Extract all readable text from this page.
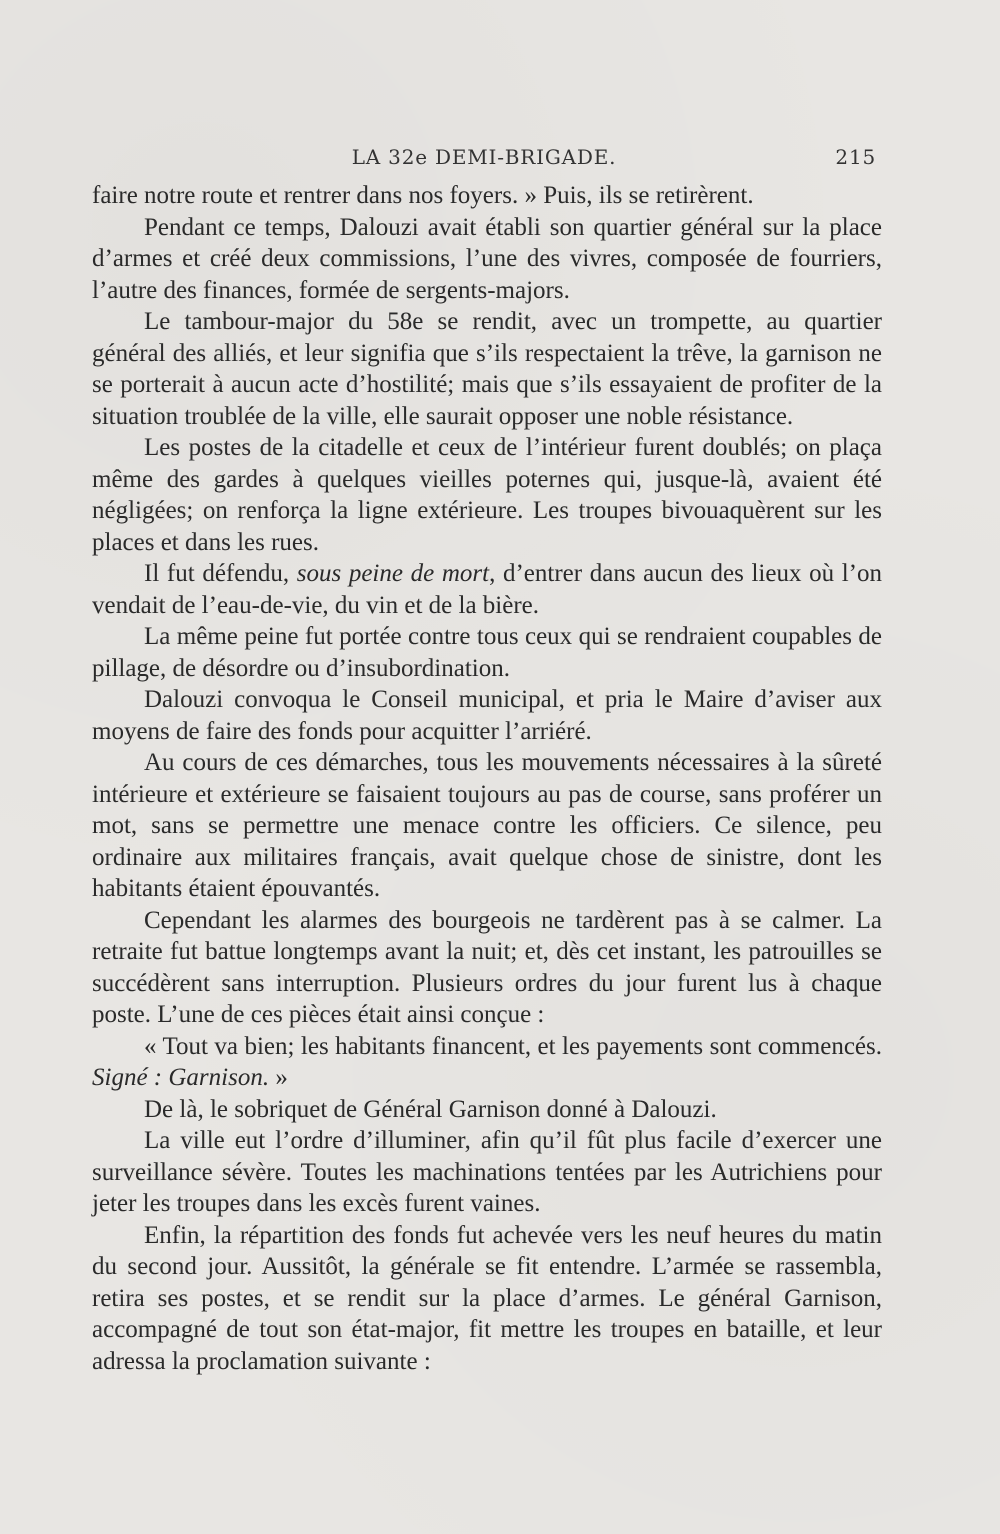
LA 32e DEMI-BRIGADE.	215

faire notre route et rentrer dans nos foyers. » Puis, ils se retirèrent.

Pendant ce temps, Dalouzi avait établi son quartier général sur la place d’armes et créé deux commissions, l’une des vivres, composée de fourriers, l’autre des finances, formée de sergents-majors.

Le tambour-major du 58e se rendit, avec un trompette, au quartier général des alliés, et leur signifia que s’ils respectaient la trêve, la garnison ne se porterait à aucun acte d’hostilité; mais que s’ils essayaient de profiter de la situation troublée de la ville, elle saurait opposer une noble résistance.

Les postes de la citadelle et ceux de l’intérieur furent doublés; on plaça même des gardes à quelques vieilles poternes qui, jusque-là, avaient été négligées; on renforça la ligne extérieure. Les troupes bivouaquèrent sur les places et dans les rues.

Il fut défendu, sous peine de mort, d’entrer dans aucun des lieux où l’on vendait de l’eau-de-vie, du vin et de la bière.

La même peine fut portée contre tous ceux qui se rendraient coupables de pillage, de désordre ou d’insubordination.

Dalouzi convoqua le Conseil municipal, et pria le Maire d’aviser aux moyens de faire des fonds pour acquitter l’arriéré.

Au cours de ces démarches, tous les mouvements nécessaires à la sûreté intérieure et extérieure se faisaient toujours au pas de course, sans proférer un mot, sans se permettre une menace contre les officiers. Ce silence, peu ordinaire aux militaires français, avait quelque chose de sinistre, dont les habitants étaient épouvantés.

Cependant les alarmes des bourgeois ne tardèrent pas à se calmer. La retraite fut battue longtemps avant la nuit; et, dès cet instant, les patrouilles se succédèrent sans interruption. Plusieurs ordres du jour furent lus à chaque poste. L’une de ces pièces était ainsi conçue :

« Tout va bien; les habitants financent, et les payements sont commencés. Signé : Garnison. »

De là, le sobriquet de Général Garnison donné à Dalouzi.

La ville eut l’ordre d’illuminer, afin qu’il fût plus facile d’exercer une surveillance sévère. Toutes les machinations tentées par les Autrichiens pour jeter les troupes dans les excès furent vaines.

Enfin, la répartition des fonds fut achevée vers les neuf heures du matin du second jour. Aussitôt, la générale se fit entendre. L’armée se rassembla, retira ses postes, et se rendit sur la place d’armes. Le général Garnison, accompagné de tout son état-major, fit mettre les troupes en bataille, et leur adressa la proclamation suivante :
